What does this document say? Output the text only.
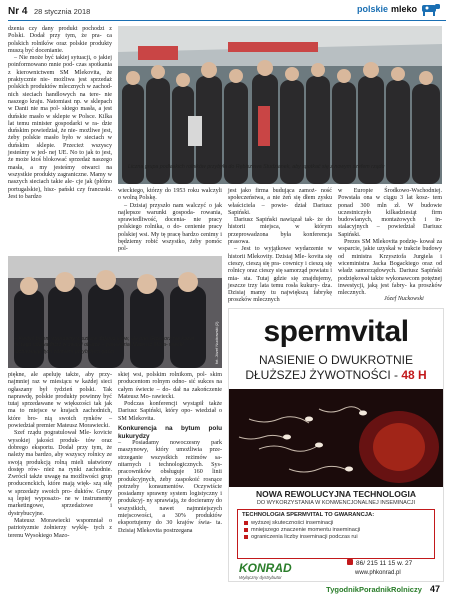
Nr 4 28 stycznia 2018	polskie mleko

dzenia czy dany produkt pochodzi z Polski. Dodał przy tym, że pra- ca polskich rolników oraz polskie produkty muszą być docenianie.

– Nie może być takiej sytuacji, o jakiej poinformowano mnie pod- czas spotkania z kierownictwem SM Mlekovita, że praktycznie nie- możliwa jest sprzedaż polskich produktów mlecznych w zachod- nich sieciach handlowych na tere- nie naszego kraju. Natomiast np. w sklepach w Danii nie ma pol- skiego masła, a jest duńskie masło w sklepie w Polsce. Kilka lat temu minister gospodarki w ra- dzie duńskim powiedział, że nie- możliwe jest, żeby polskie masło było w sieciach w duńskim sklepie. Przecież wszyscy jesteśmy w jed- nej UE. No to jak to jest, że może ktoś blokować sprzedaż naszego masła, a my jesteśmy otwarci na wszystkie produkty zagraniczne. Mamy w naszych sieciach takie ale- cje jak (płótno portugalskie), hisz- pański czy francuski. Jest to bardzo

Liczna grupa podlaskich rolników przybyła do Rębiszewa Studzianek, aby spotkać się z nowym szefem rządu

wieckiego, którzy do 1953 roku walczyli o wolną Polskę.

– Dzisiaj przyszło nam walczyć o jak najlepsze warunki gospoda- rowania, sprawiedliwość, docenia- nie pracy polskiego rolnika, o do- cenienie pracy polskiej wsi. My tę pracę bardzo cenimy i będziemy robić wszystko, żeby pomóc pol-

jest jako firma budująca zamoż- ność społeczeństwa, a nie żeń się dłem zysku właściciela – powie- dział Dariusz Sapiński.

Dariusz Sapiński nawiązał tak- że do historii miejsca, w którym przeprowadzona była konferencja prasowa.

– Jest to wyjątkowe wydarzenie w historii Mlekovity. Dzisiaj Mle- kovita się cieszy, cieszą się pra- cownicy i cieszą się rolnicy oraz cieszy się samorząd powiatu i mia- sta. Tutaj gdzie się znajdujemy, jeszcze trzy lata temu rosła kukury- dza. Dzisiaj mamy tu największą fabrykę proszków mlecznych

w Europie Środkowo-Wschodniej. Powstała ona w ciągu 3 lat kosz- tem ponad 300 mln zł. W budowie uczestniczyło kilkadziesiąt firm budowlanych, montażowych i in- stalacyjnych – powiedział Dariusz Sapiński.

Prezes SM Mlekovita podzię- kował za wsparcie, jakie uzyskał w trakcie budowy od ministra Krzysztofa Jurgiela i wiceministra Jacka Bogackiego oraz od władz samorządowych. Dariusz Sapiński podziękował także wykonawcom potężnej inwestycji, jaką jest fabry- ka proszków mlecznych.

Józef Nuckowski
– Kiedyś byłem wyprawny w sztuce dojenia krów, ale pan Grzegorz nie kazał mi tego udowadniać w swojej oborze – powiedział Mateusz Mora- wiecki rozbawiając tym zdaniem przybyłych gości	fot. Józef Nuckowski (2)

piękne, ale apeluję także, aby przy- najmniej raz w miesiącu w każdej sieci ogłaszany był tydzień polski. Tak naprawdę, polskie produkty powinny być tutaj sprzedawane w większości tak jak ma to miejsce w krajach zachodnich, które bro- nią swoich rynków – powiedział premier Mateusz Morawiecki.

Szef rządu pogratulował Mle- kovicie wysokiej jakości produk- tów oraz dobrego eksportu. Dodał przy tym, że należy ma bardzo, aby wszyscy rolnicy ze swoją produkcją rolną mieli ułatwiony dostęp rów- nież na rynki zachodnie. Zwrócił także uwagę na możliwości grup producenckich, które mają więk- szą siłę w sprzedaży swoich pro- duktów. Grupy są lepiej wyposażo- ne w instrumenty marketingowe, sprzedażowe i dystrybucyjne.

Mateusz Morawiecki wspomniał o patriotyzmie żołnierzy wyklę- tych z terenu Wysokiego Mazo-

skiej wsi, polskim rolnikom, pol- skim producentom rolnym odno- sić sukces na całym świecie – do- dał na zakończenie Mateusz Mo- rawiecki.

Podczas konferencji wystąpił także Dariusz Sapiński, który opo- wiedział o SM Mlekovita.

Konkurencja na bytum polu kukurydzy

– Posiadamy nowoczesny park maszynowy, który umożliwia prze- strzeganie wszystkich reżimów sa- nitarnych i technologicznych. Sys- pracowników obsługuje 160 linii produkcyjnych, żeby zaspokoić rosnące potrzeby konsumentów. Oczywiście posiadamy sprawny system logistyczny i produkcyj- ny sprawiają, że docieramy do wszystkich, nawet najmniejszych miejscowości, a 30% produktów eksportujemy do 30 krajów świa- ta. Dzisiaj Mlekovita postrzegana

spermvital
NASIENIE O DWUKROTNIE
DŁUŻSZEJ ŻYWOTNOŚCI - 48 H
NOWA REWOLUCYJNA TECHNOLOGIA
DO WYKORZYSTANIA W KONWENCJONALNEJ INSEMINACJI
TECHNOLOGIA SPERMVITAL TO GWARANCJA:
wyższej skuteczności inseminacji
mniejszego znaczenie momentu inseminacji
ograniczenia liczby inseminacji podczas rui
KONRAD
Wyłączny dystrybutor
86/ 215 11 15 w. 27
www.phkonrad.pl
TygodnikPoradnikRolniczy 47
